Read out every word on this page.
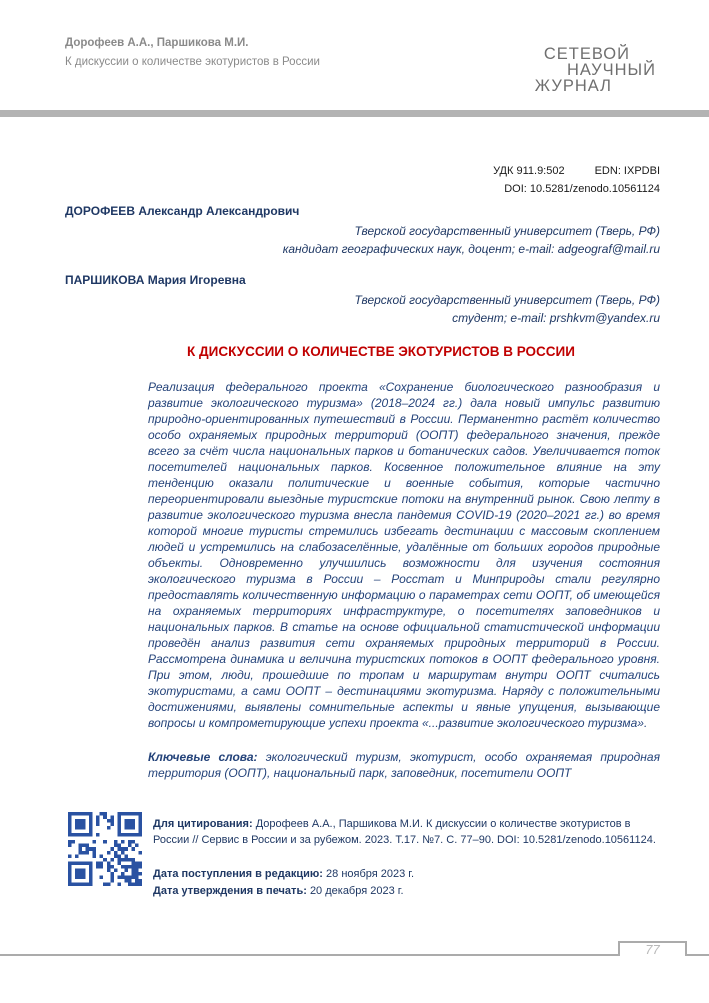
Дорофеев А.А., Паршикова М.И.
К дискуссии о количестве экотуристов в России	СЕТЕВОЙ
НАУЧНЫЙ
ЖУРНАЛ
УДК 911.9:502	EDN: IXPDBI
DOI: 10.5281/zenodo.10561124
ДОРОФЕЕВ Александр Александрович
Тверской государственный университет (Тверь, РФ)
кандидат географических наук, доцент; e-mail: adgeograf@mail.ru
ПАРШИКОВА Мария Игоревна
Тверской государственный университет (Тверь, РФ)
студент; e-mail: prshkvm@yandex.ru
К ДИСКУССИИ О КОЛИЧЕСТВЕ ЭКОТУРИСТОВ В РОССИИ
Реализация федерального проекта «Сохранение биологического разнообразия и развитие экологического туризма» (2018–2024 гг.) дала новый импульс развитию природно-ориентированных путешествий в России. Перманентно растёт количество особо охраняемых природных территорий (ООПТ) федерального значения, прежде всего за счёт числа национальных парков и ботанических садов. Увеличивается поток посетителей национальных парков. Косвенное положительное влияние на эту тенденцию оказали политические и военные события, которые частично переориентировали выездные туристские потоки на внутренний рынок. Свою лепту в развитие экологического туризма внесла пандемия COVID-19 (2020–2021 гг.) во время которой многие туристы стремились избегать дестинации с массовым скоплением людей и устремились на слабозаселённые, удалённые от больших городов природные объекты. Одновременно улучшились возможности для изучения состояния экологического туризма в России – Росстат и Минприроды стали регулярно предоставлять количественную информацию о параметрах сети ООПТ, об имеющейся на охраняемых территориях инфраструктуре, о посетителях заповедников и национальных парков. В статье на основе официальной статистической информации проведён анализ развития сети охраняемых природных территорий в России. Рассмотрена динамика и величина туристских потоков в ООПТ федерального уровня. При этом, люди, прошедшие по тропам и маршрутам внутри ООПТ считались экотуристами, а сами ООПТ – дестинациями экотуризма. Наряду с положительными достижениями, выявлены сомнительные аспекты и явные упущения, вызывающие вопросы и компрометирующие успехи проекта «...развитие экологического туризма».
Ключевые слова: экологический туризм, экотурист, особо охраняемая природная территория (ООПТ), национальный парк, заповедник, посетители ООПТ
Для цитирования: Дорофеев А.А., Паршикова М.И. К дискуссии о количестве экотуристов в России // Сервис в России и за рубежом. 2023. Т.17. №7. С. 77–90. DOI: 10.5281/zenodo.10561124.
Дата поступления в редакцию: 28 ноября 2023 г.
Дата утверждения в печать: 20 декабря 2023 г.
77
